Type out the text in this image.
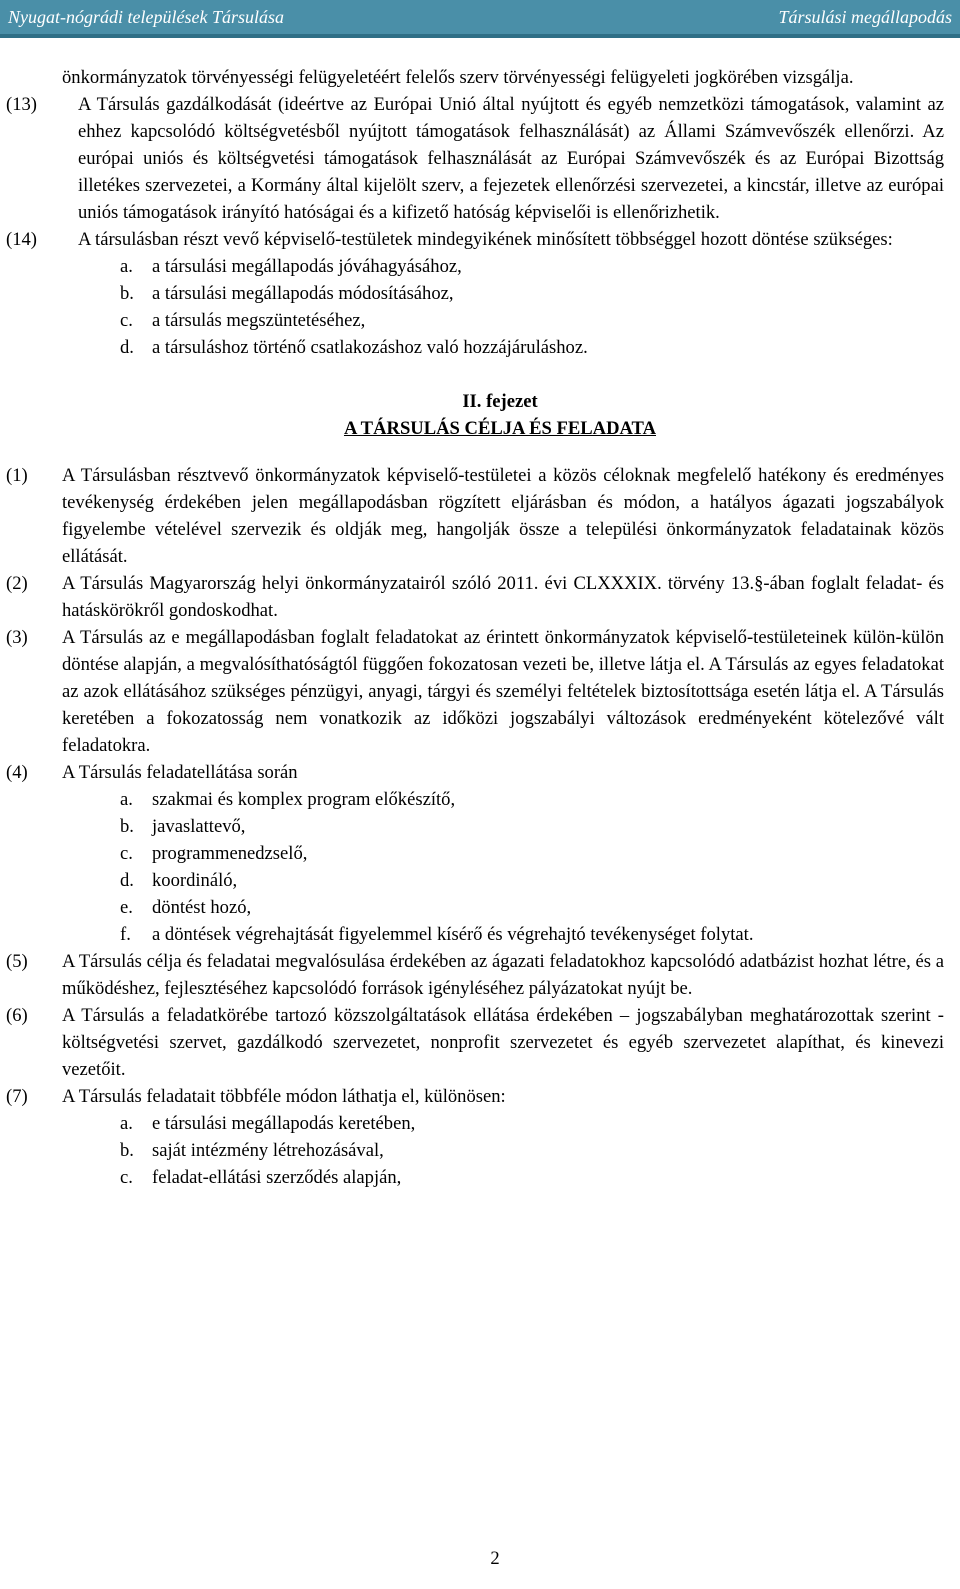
Nyugat-nógrádi települések Társulása	Társulási megállapodás
önkormányzatok törvényességi felügyeletéért felelős szerv törvényességi felügyeleti jogkörében vizsgálja.
(13) A Társulás gazdálkodását (ideértve az Európai Unió által nyújtott és egyéb nemzetközi támogatások, valamint az ehhez kapcsolódó költségvetésből nyújtott támogatások felhasználását) az Állami Számvevőszék ellenőrzi. Az európai uniós és költségvetési támogatások felhasználását az Európai Számvevőszék és az Európai Bizottság illetékes szervezetei, a Kormány által kijelölt szerv, a fejezetek ellenőrzési szervezetei, a kincstár, illetve az európai uniós támogatások irányító hatóságai és a kifizető hatóság képviselői is ellenőrizhetik.
(14) A társulásban részt vevő képviselő-testületek mindegyikének minősített többséggel hozott döntése szükséges:
a. a társulási megállapodás jóváhagyásához,
b. a társulási megállapodás módosításához,
c. a társulás megszüntetéséhez,
d. a társuláshoz történő csatlakozáshoz való hozzájáruláshoz.
II. fejezet
A TÁRSULÁS CÉLJA ÉS FELADATA
(1) A Társulásban résztvevő önkormányzatok képviselő-testületei a közös céloknak megfelelő hatékony és eredményes tevékenység érdekében jelen megállapodásban rögzített eljárásban és módon, a hatályos ágazati jogszabályok figyelembe vételével szervezik és oldják meg, hangolják össze a települési önkormányzatok feladatainak közös ellátását.
(2) A Társulás Magyarország helyi önkormányzatairól szóló 2011. évi CLXXXIX. törvény 13.§-ában foglalt feladat- és hatáskörökről gondoskodhat.
(3) A Társulás az e megállapodásban foglalt feladatokat az érintett önkormányzatok képviselő-testületeinek külön-külön döntése alapján, a megvalósíthatóságtól függően fokozatosan vezeti be, illetve látja el. A Társulás az egyes feladatokat az azok ellátásához szükséges pénzügyi, anyagi, tárgyi és személyi feltételek biztosítottsága esetén látja el. A Társulás keretében a fokozatosság nem vonatkozik az időközi jogszabályi változások eredményeként kötelezővé vált feladatokra.
(4) A Társulás feladatellátása során
a. szakmai és komplex program előkészítő,
b. javaslattevő,
c. programmenedzselő,
d. koordináló,
e. döntést hozó,
f. a döntések végrehajtását figyelemmel kísérő és végrehajtó tevékenységet folytat.
(5) A Társulás célja és feladatai megvalósulása érdekében az ágazati feladatokhoz kapcsolódó adatbázist hozhat létre, és a működéshez, fejlesztéséhez kapcsolódó források igényléséhez pályázatokat nyújt be.
(6) A Társulás a feladatkörébe tartozó közszolgáltatások ellátása érdekében – jogszabályban meghatározottak szerint - költségvetési szervet, gazdálkodó szervezetet, nonprofit szervezetet és egyéb szervezetet alapíthat, és kinevezi vezetőit.
(7) A Társulás feladatait többféle módon láthatja el, különösen:
a. e társulási megállapodás keretében,
b. saját intézmény létrehozásával,
c. feladat-ellátási szerződés alapján,
2
